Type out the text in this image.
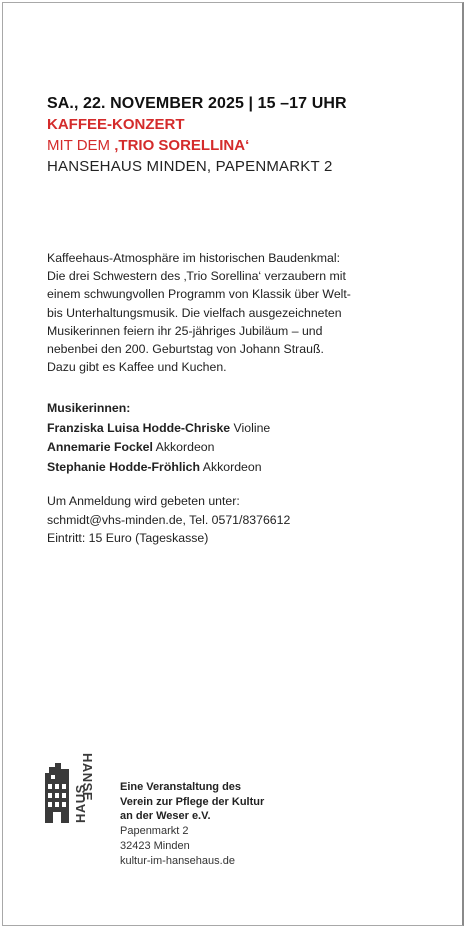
SA., 22. NOVEMBER 2025 | 15 –17 UHR
KAFFEE-KONZERT
MIT DEM ‚TRIO SORELLINA‘
HANSEHAUS MINDEN, PAPENMARKT 2

Kaffeehaus-Atmosphäre im historischen Baudenkmal:

Die drei Schwestern des ‚Trio Sorellina‘ verzaubern mit

einem schwungvollen Programm von Klassik über Welt-

bis Unterhaltungsmusik. Die vielfach ausgezeichneten

Musikerinnen feiern ihr 25-jähriges Jubiläum – und

nebenbei den 200. Geburtstag von Johann Strauß.

Dazu gibt es Kaffee und Kuchen.

Musikerinnen:
Franziska Luisa Hodde-Chriske Violine
Annemarie Fockel Akkordeon
Stephanie Hodde-Fröhlich Akkordeon
Um Anmeldung wird gebeten unter:
schmidt@vhs-minden.de, Tel. 0571/8376612
Eintritt: 15 Euro (Tageskasse)
HANSE
HAUS	Eine Veranstaltung des
Verein zur Pflege der Kultur
an der Weser e.V.
Papenmarkt 2
32423 Minden
kultur-im-hansehaus.de
